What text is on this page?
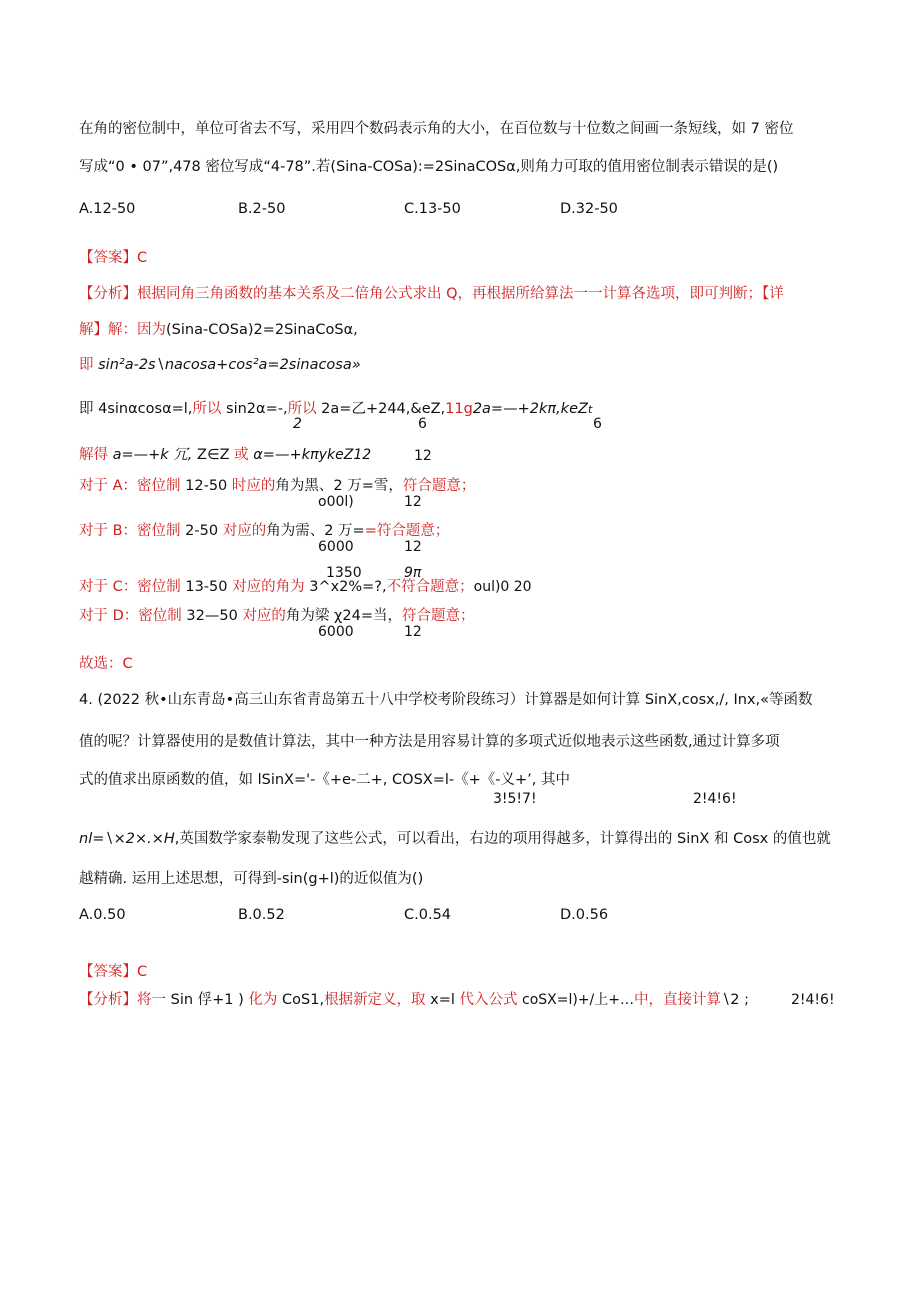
在角的密位制中，单位可省去不写，采用四个数码表示角的大小，在百位数与十位数之间画一条短线，如 7 密位
写成“0 • 07”,478 密位写成“4-78”.若(Sina-COSa):=2SinaCOSα,则角力可取的值用密位制表示错误的是()
A.12-50	B.2-50	C.13-50	D.32-50
【答案】C
【分析】根据同角三角函数的基本关系及二倍角公式求出 Q，再根据所给算法一一计算各选项，即可判断；【详
解】解：因为(Sina-COSa)2=2SinaCoSα,
即 sin²a-2s∖nacosa+cos²a=2sinacosa»
即 4sinαcosα=l,所以 sin2α=-,所以 2a=乙+244,&eZ,11g2a=—+2kπ,keZt
2	6	6
解得 a=—+k 冗, Z∈Z 或 α=—+kπykeZ12	12
对于 A：密位制 12-50 时应的角为黑、2 万=雪，符合题意；
o00l)	12
对于 B：密位制 2-50 对应的角为需、2 万==符合题意；
6000	12
1350	9π
对于 C：密位制 13-50 对应的角为 3^x2%=?,不符合题意；oul)0 20
对于 D：密位制 32—50 对应的角为梁 χ24=当，符合题意；
6000	12
故选：C
4. (2022 秋•山东青岛•高三山东省青岛第五十八中学校考阶段练习）计算器是如何计算 SinX,cosx,/, Inx,«等函数
值的呢？计算器使用的是数值计算法，其中一种方法是用容易计算的多项式近似地表示这些函数,通过计算多项
式的值求出原函数的值，如 lSinX='-《+e-二+, COSX=l-《+《-义+’, 其中
3!5!7!	2!4!6!
nl=∖×2×.×H,英国数学家泰勒发现了这些公式，可以看出，右边的项用得越多，计算得出的 SinX 和 Cosx 的值也就
越精确. 运用上述思想，可得到-sin(g+l)的近似值为()
A.0.50	B.0.52	C.0.54	D.0.56
【答案】C
【分析】将一 Sin 俘+1 ) 化为 CoS1,根据新定义，取 x=l 代入公式 coSX=l)+/上+…中，直接计算∖2 ;	2!4!6!
